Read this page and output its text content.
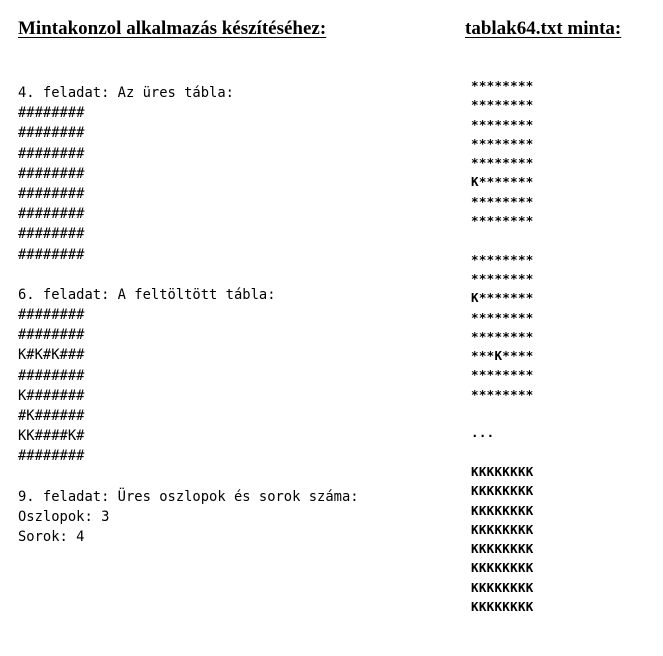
Mintakonzol alkalmazás készítéséhez:	tablak64.txt minta:
4. feladat: Az üres tábla:
########
########
########
########
########
########
########
########
6. feladat: A feltöltött tábla:
########
########
K#K#K###
########
K#######
#K######
KK####K#
########
9. feladat: Üres oszlopok és sorok száma:
Oszlopok: 3
Sorok: 4
********
********
********
********
********
K*******
********
********
********
********
K*******
********
********
***K****
********
********
...
KKKKKKKK
KKKKKKKK
KKKKKKKK
KKKKKKKK
KKKKKKKK
KKKKKKKK
KKKKKKKK
KKKKKKKK
